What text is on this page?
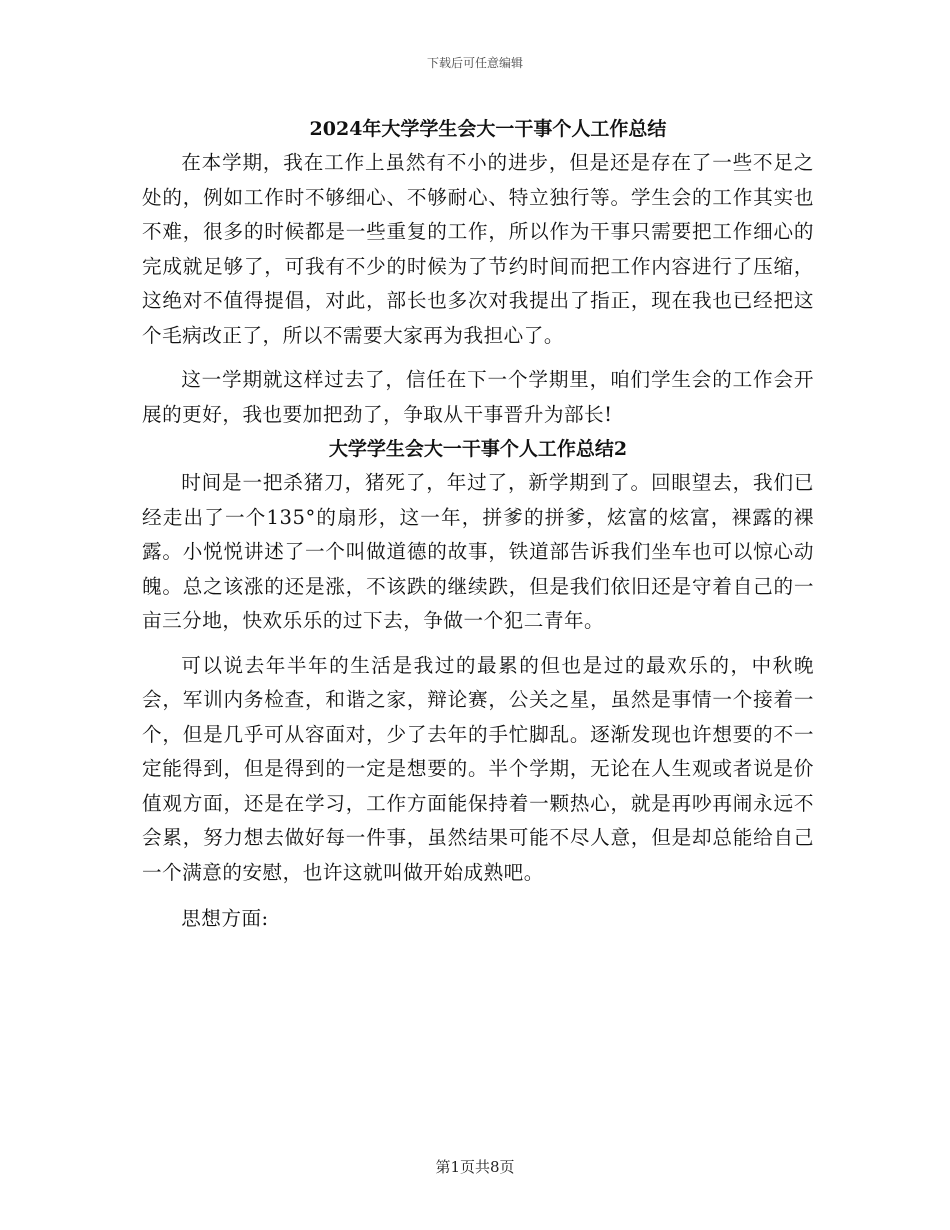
下载后可任意编辑
2024年大学学生会大一干事个人工作总结

在本学期，我在工作上虽然有不小的进步，但是还是存在了一些不足之处的，例如工作时不够细心、不够耐心、特立独行等。学生会的工作其实也不难，很多的时候都是一些重复的工作，所以作为干事只需要把工作细心的完成就足够了，可我有不少的时候为了节约时间而把工作内容进行了压缩，这绝对不值得提倡，对此，部长也多次对我提出了指正，现在我也已经把这个毛病改正了，所以不需要大家再为我担心了。

这一学期就这样过去了，信任在下一个学期里，咱们学生会的工作会开展的更好，我也要加把劲了，争取从干事晋升为部长!

大学学生会大一干事个人工作总结2

时间是一把杀猪刀，猪死了，年过了，新学期到了。回眼望去，我们已经走出了一个135°的扇形，这一年，拼爹的拼爹，炫富的炫富，裸露的裸露。小悦悦讲述了一个叫做道德的故事，铁道部告诉我们坐车也可以惊心动魄。总之该涨的还是涨，不该跌的继续跌，但是我们依旧还是守着自己的一亩三分地，快欢乐乐的过下去，争做一个犯二青年。

可以说去年半年的生活是我过的最累的但也是过的最欢乐的，中秋晚会，军训内务检查，和谐之家，辩论赛，公关之星，虽然是事情一个接着一个，但是几乎可从容面对，少了去年的手忙脚乱。逐渐发现也许想要的不一定能得到，但是得到的一定是想要的。半个学期，无论在人生观或者说是价值观方面，还是在学习，工作方面能保持着一颗热心，就是再吵再闹永远不会累，努力想去做好每一件事，虽然结果可能不尽人意，但是却总能给自己一个满意的安慰，也许这就叫做开始成熟吧。

思想方面:

第1页共8页
